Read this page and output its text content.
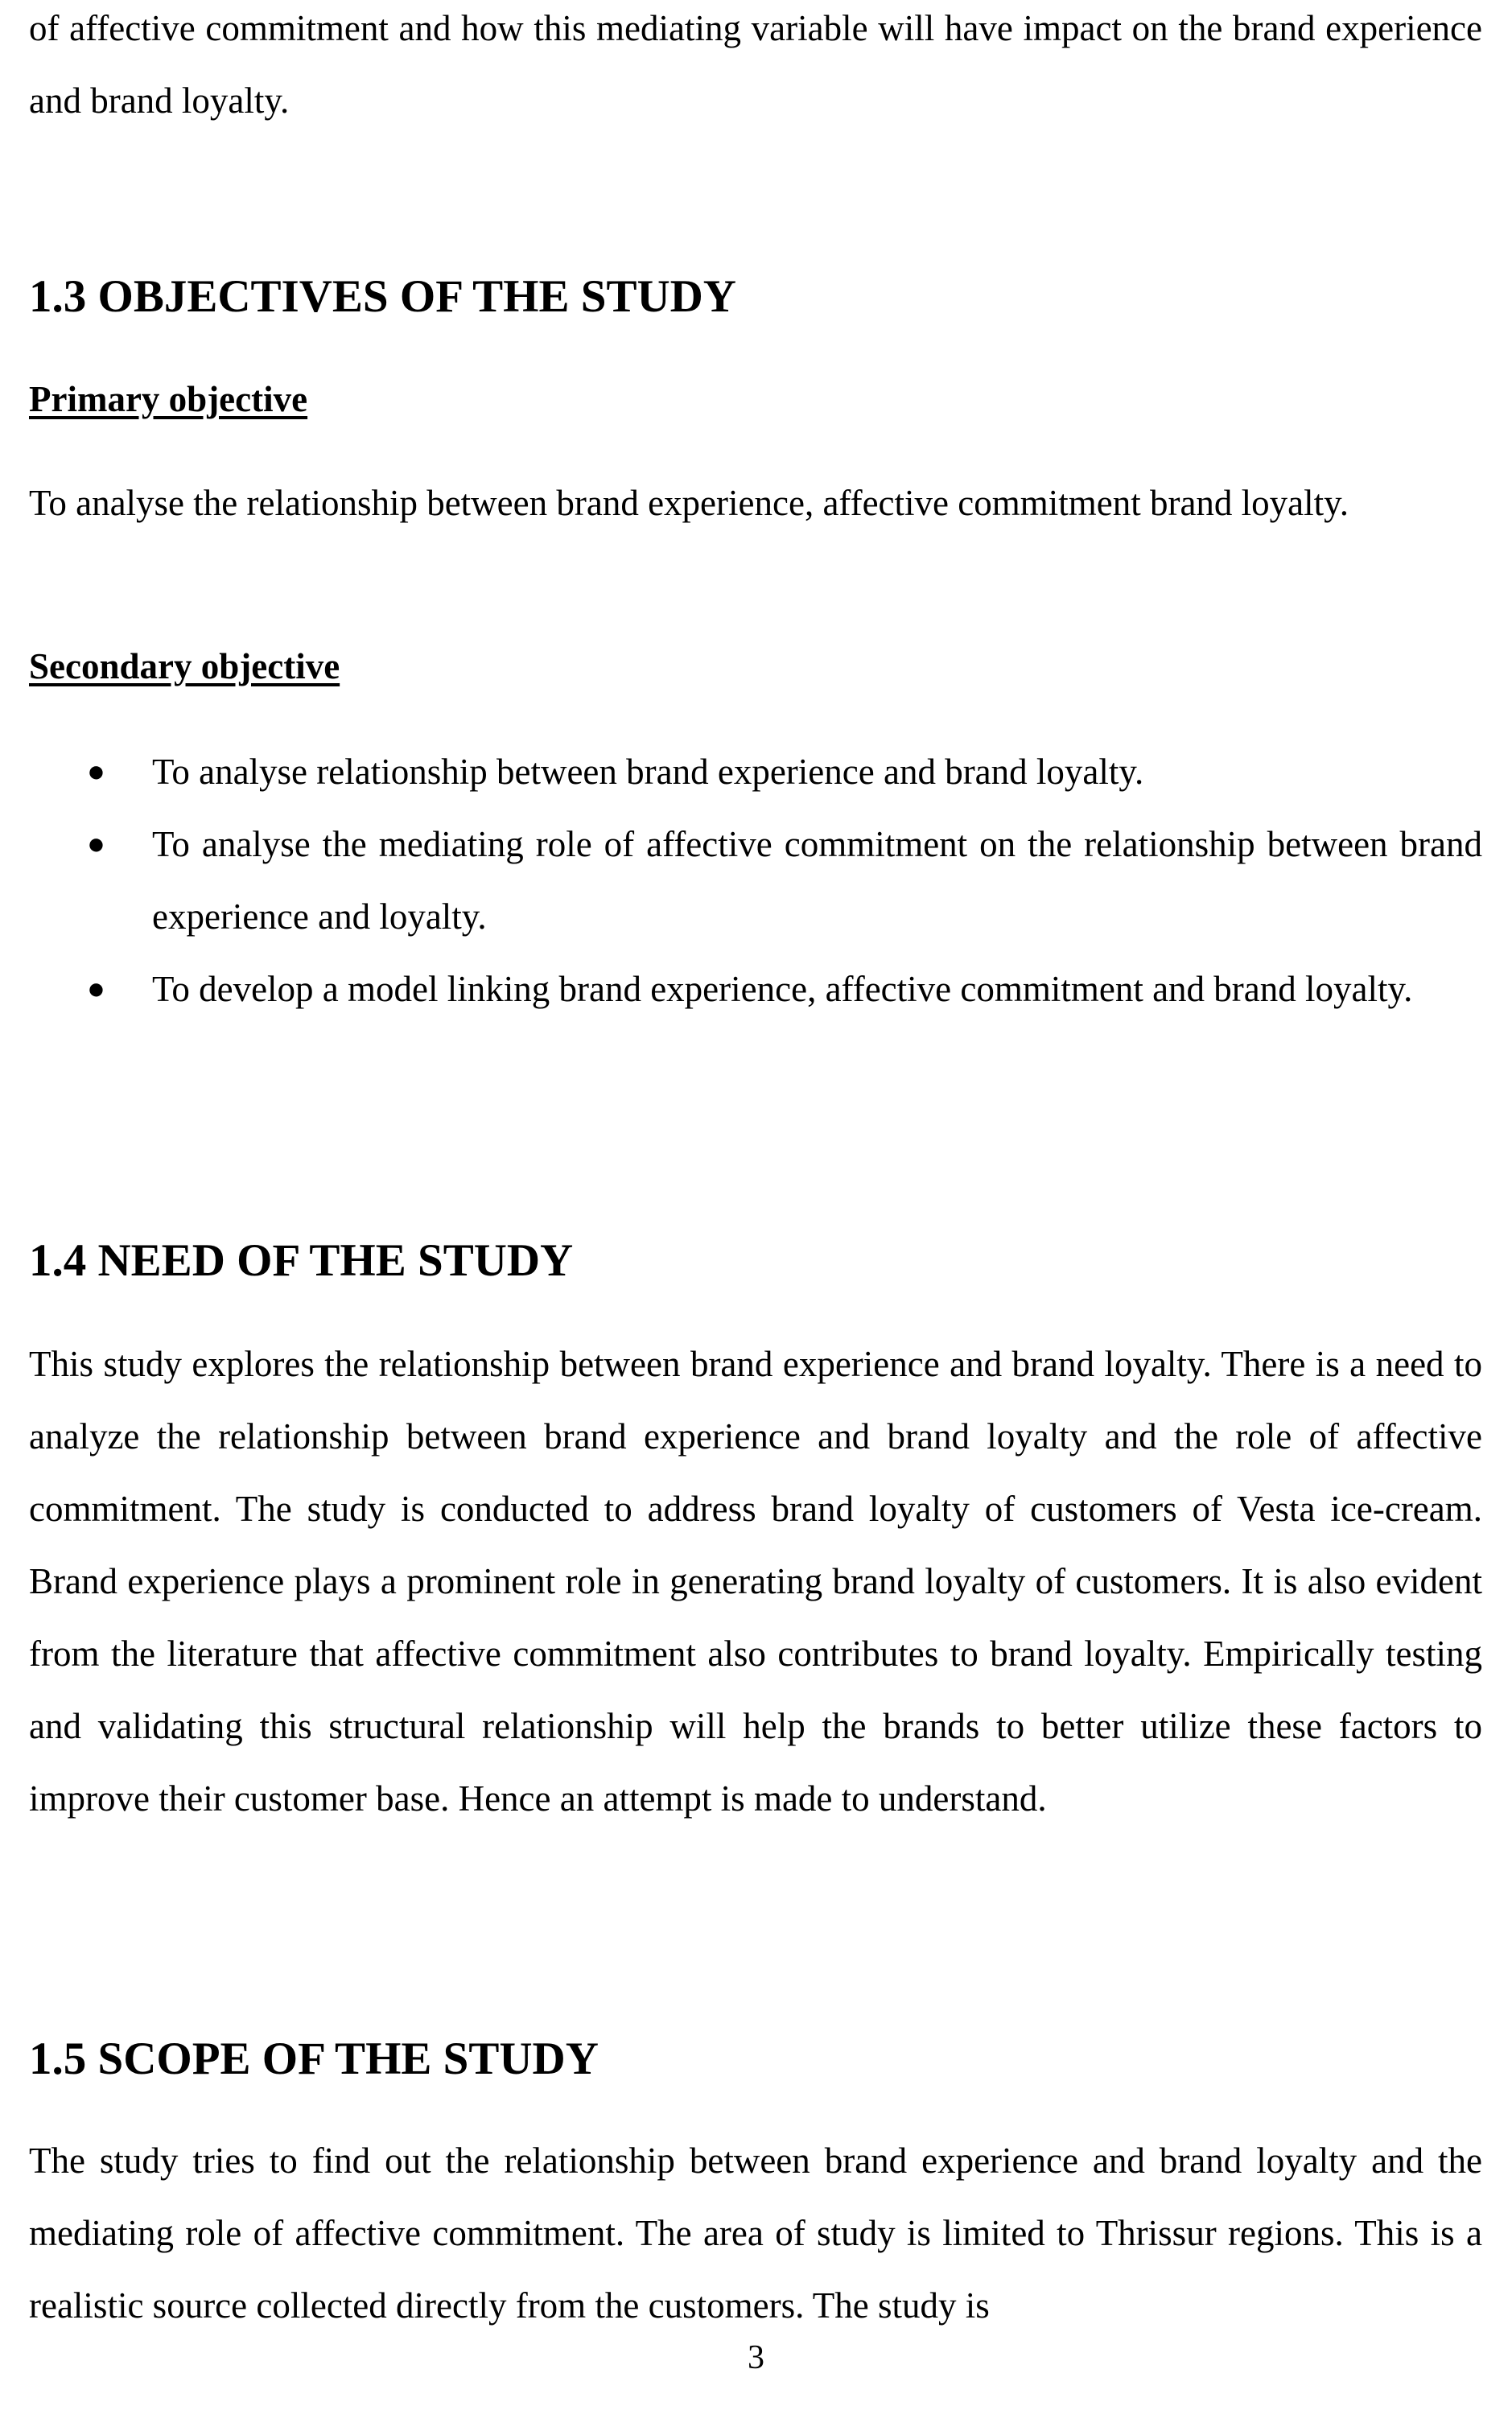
of affective commitment and how this mediating variable will have impact on the brand experience and brand loyalty.

1.3 OBJECTIVES OF THE STUDY
Primary objective

To analyse the relationship between brand experience, affective commitment brand loyalty.

Secondary objective
● To analyse relationship between brand experience and brand loyalty.
● To analyse the mediating role of affective commitment on the relationship between brand experience and loyalty.
● To develop a model linking brand experience, affective commitment and brand loyalty.
1.4 NEED OF THE STUDY

This study explores the relationship between brand experience and brand loyalty. There is a need to analyze the relationship between brand experience and brand loyalty and the role of affective commitment. The study is conducted to address brand loyalty of customers of Vesta ice-cream. Brand experience plays a prominent role in generating brand loyalty of customers. It is also evident from the literature that affective commitment also contributes to brand loyalty. Empirically testing and validating this structural relationship will help the brands to better utilize these factors to improve their customer base. Hence an attempt is made to understand.

1.5 SCOPE OF THE STUDY

The study tries to find out the relationship between brand experience and brand loyalty and the mediating role of affective commitment. The area of study is limited to Thrissur regions. This is a realistic source collected directly from the customers. The study is

3
